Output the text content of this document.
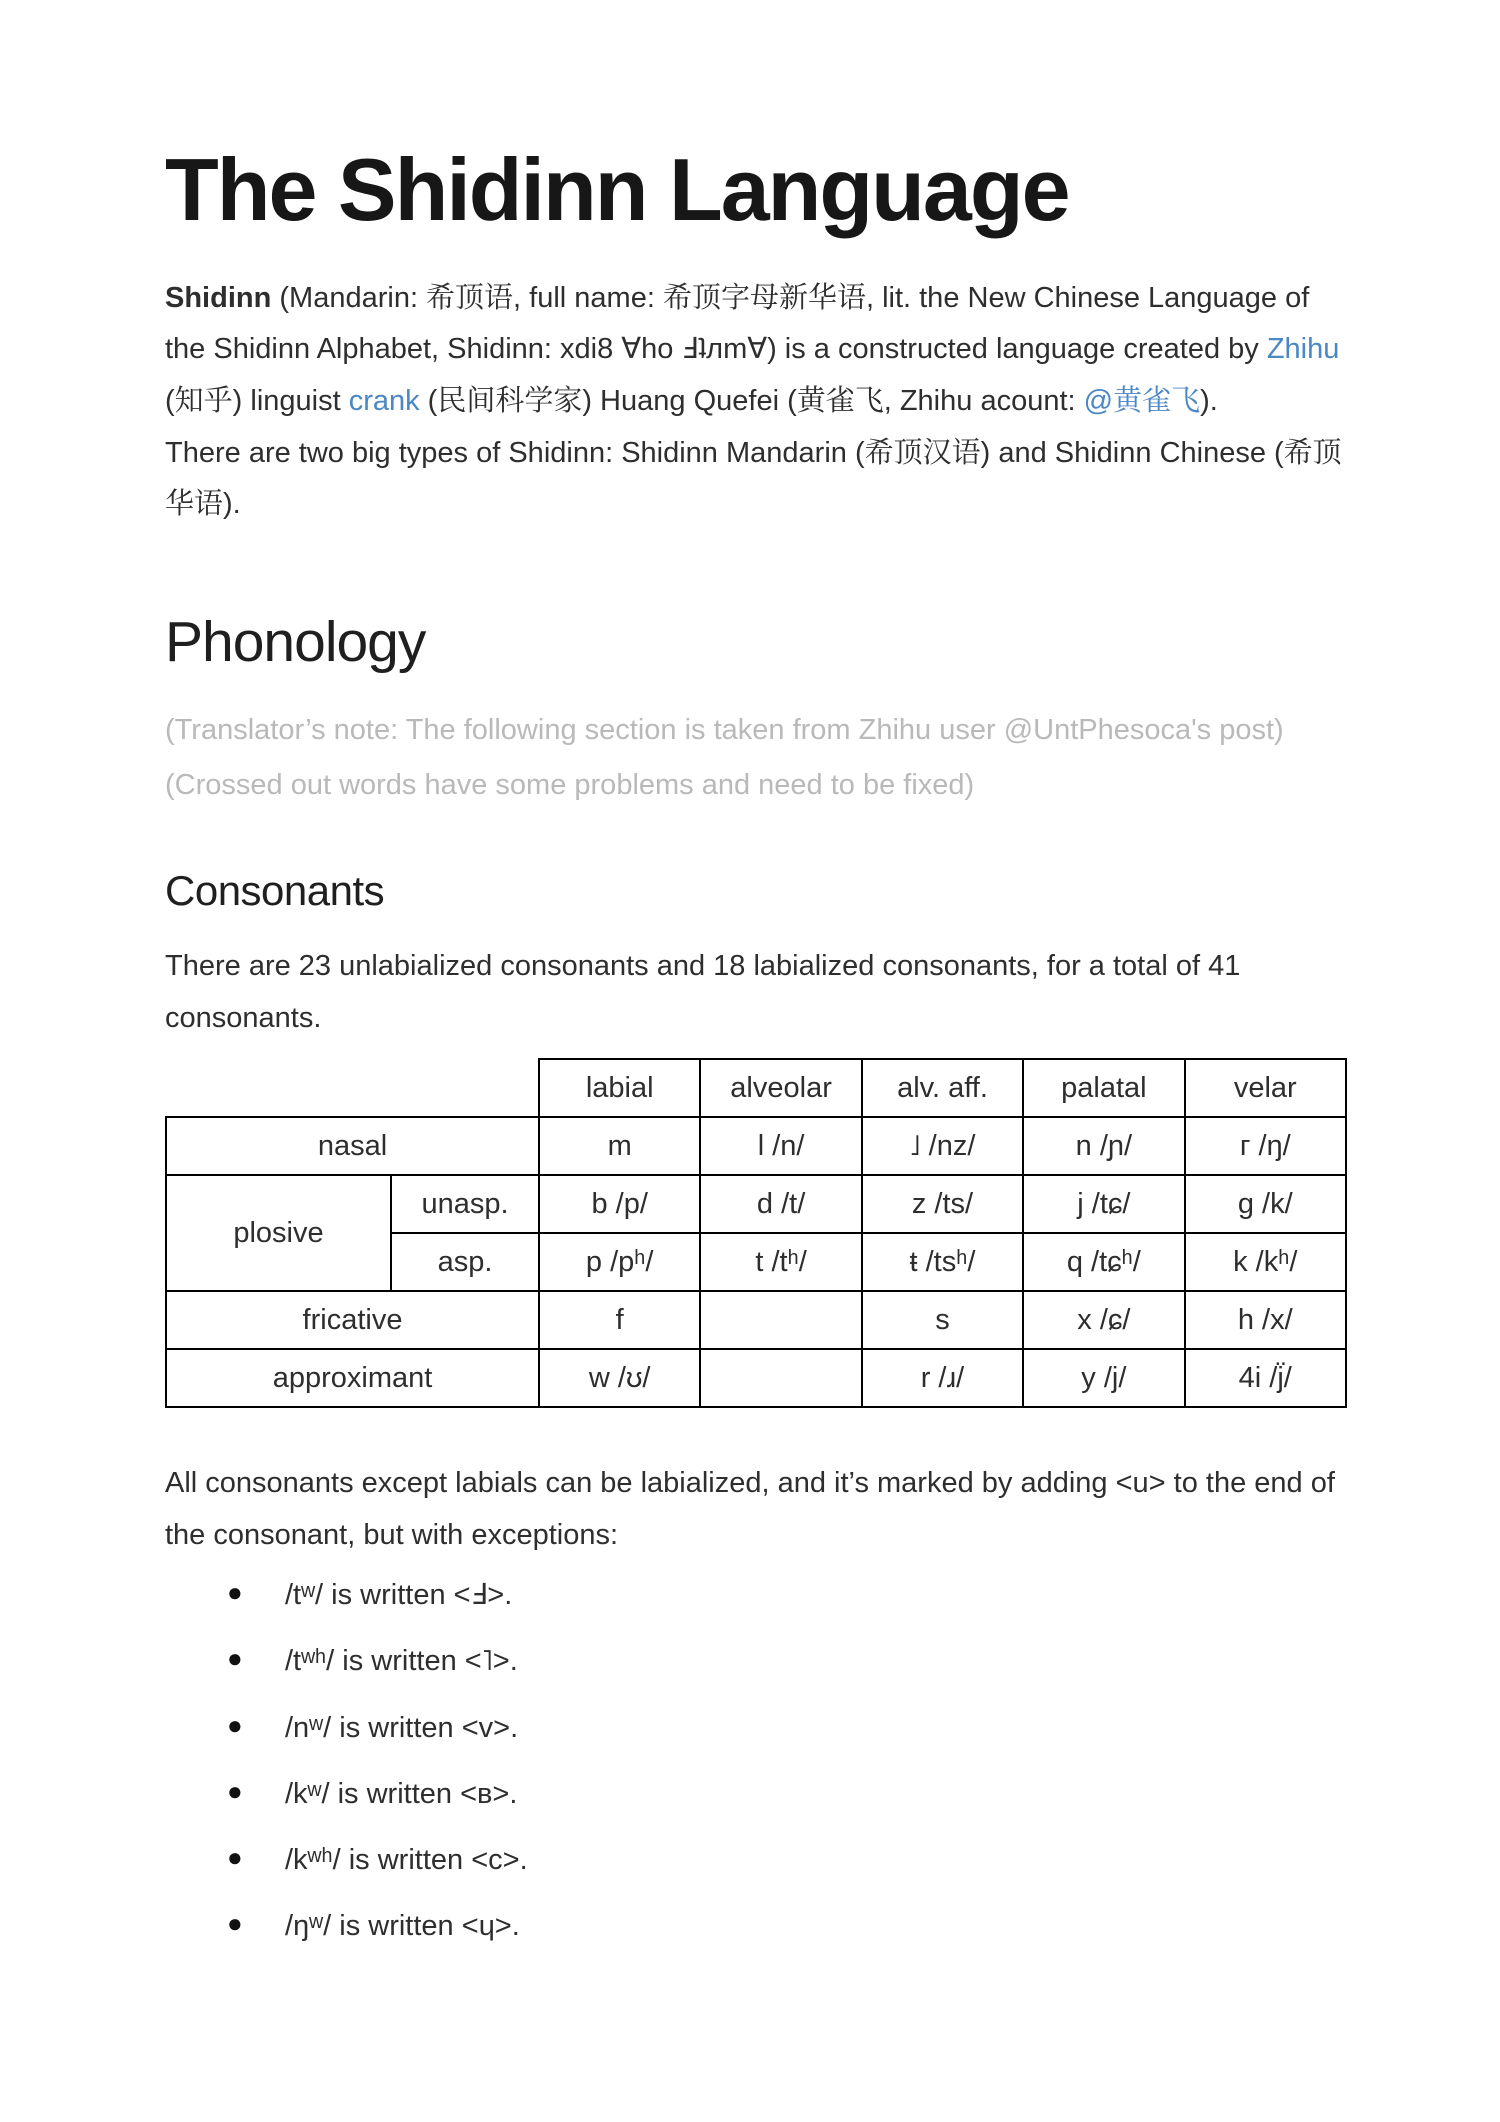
The Shidinn Language

Shidinn (Mandarin: 希顶语, full name: 希顶字母新华语, lit. the New Chinese Language of the Shidinn Alphabet, Shidinn: xdi8 ∀ho Ⅎʇлm∀) is a constructed language created by Zhihu (知乎) linguist crank (民间科学家) Huang Quefei (黄雀飞, Zhihu acount: @黄雀飞).

There are two big types of Shidinn: Shidinn Mandarin (希顶汉语) and Shidinn Chinese (希顶华语).

Phonology

(Translator’s note: The following section is taken from Zhihu user @UntPhesoca's post)

(Crossed out words have some problems and need to be fixed)

Consonants

There are 23 unlabialized consonants and 18 labialized consonants, for a total of 41 consonants.

		labial	alveolar	alv. aff.	palatal	velar
nasal		m	l /n/	˩ /nz/	n /ɲ/	г /ŋ/
plosive	unasp.	b /p/	d /t/	z /ts/	j /tɕ/	g /k/
	asp.	p /pʰ/	t /tʰ/	ŧ /tsʰ/	q /tɕʰ/	k /kʰ/
fricative		f		s	x /ɕ/	h /x/
approximant		w /ʊ/		r /ɹ/	y /j/	4i /j̈/

All consonants except labials can be labialized, and it’s marked by adding <u> to the end of the consonant, but with exceptions:

● /tʷ/ is written <Ⅎ>.
● /tʷʰ/ is written <˥>.
● /nʷ/ is written <v>.
● /kʷ/ is written <ʙ>.
● /kʷʰ/ is written <ᴄ>.
● /ŋʷ/ is written <ɥ>.
